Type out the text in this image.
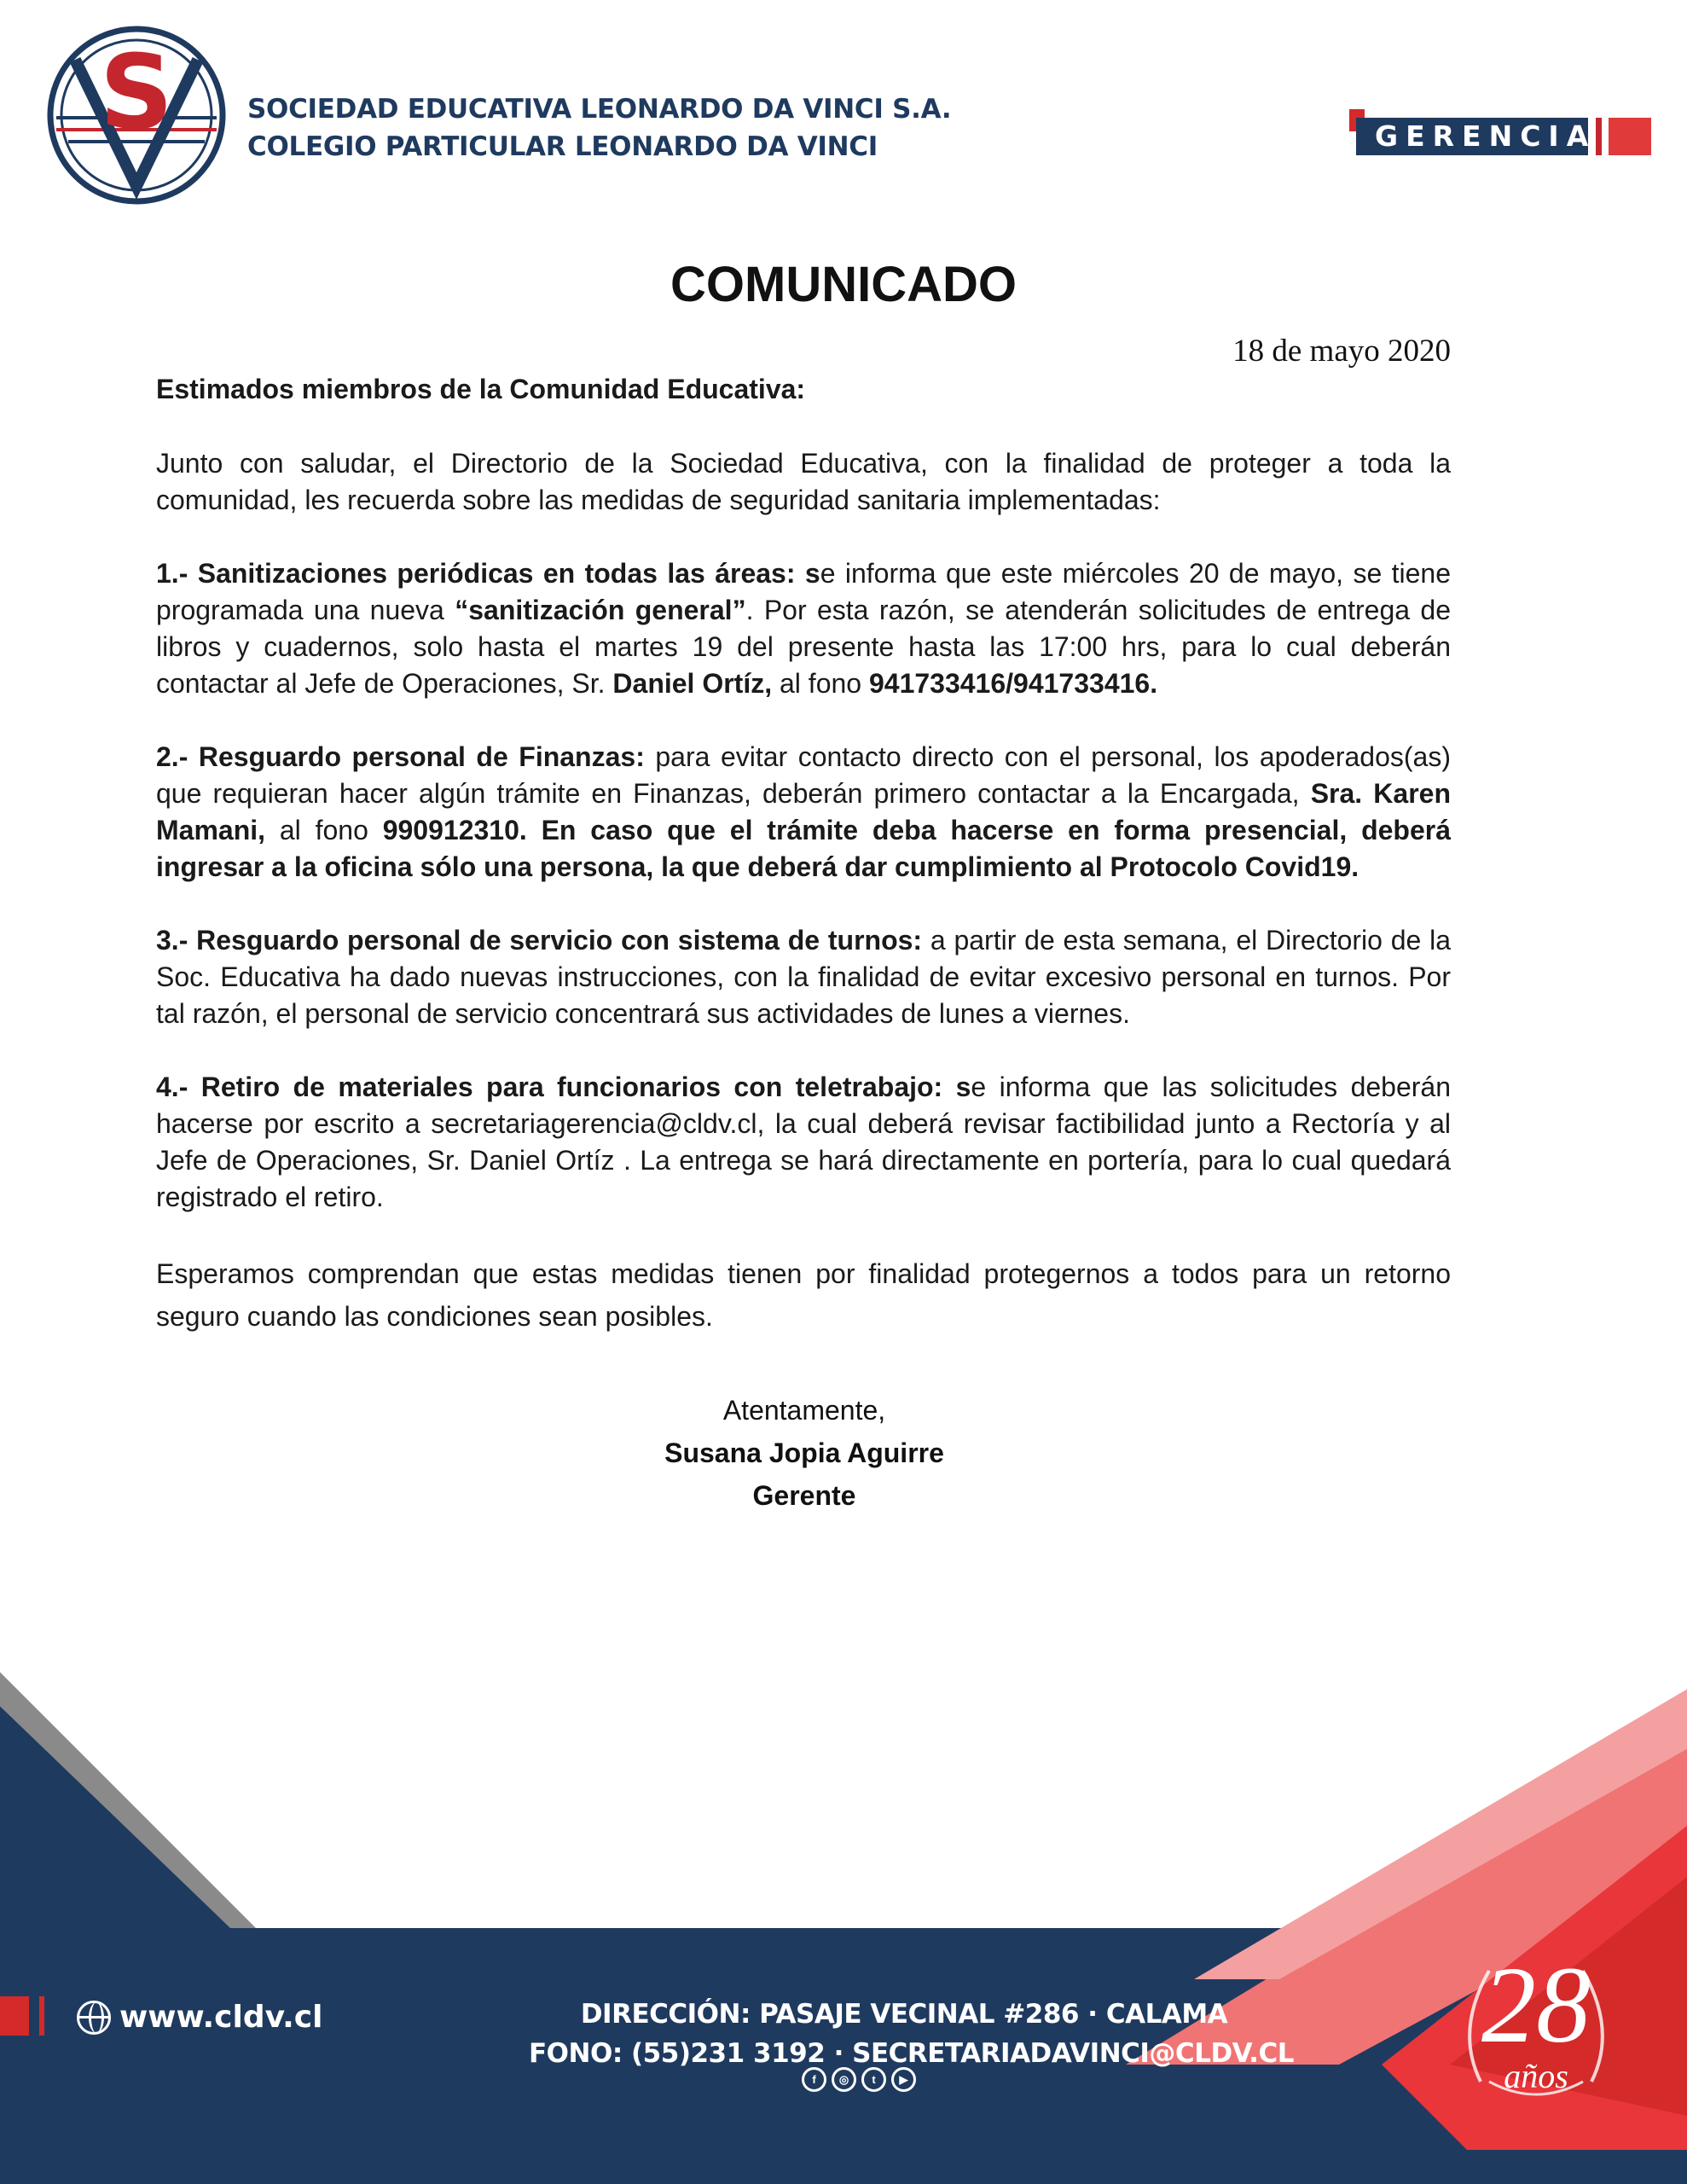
S	SOCIEDAD EDUCATIVA LEONARDO DA VINCI S.A.
COLEGIO PARTICULAR LEONARDO DA VINCI	GERENCIA
COMUNICADO
18 de mayo 2020

Estimados miembros de la Comunidad Educativa:

Junto con saludar, el Directorio de la Sociedad Educativa, con la finalidad de proteger a toda la comunidad, les recuerda sobre las medidas de seguridad sanitaria implementadas:

1.- Sanitizaciones periódicas en todas las áreas: se informa que este miércoles 20 de mayo, se tiene programada una nueva “sanitización general”. Por esta razón, se atenderán solicitudes de entrega de libros y cuadernos, solo hasta el martes 19 del presente hasta las 17:00 hrs, para lo cual deberán contactar al Jefe de Operaciones, Sr. Daniel Ortíz, al fono 941733416/941733416.

2.- Resguardo personal de Finanzas: para evitar contacto directo con el personal, los apoderados(as) que requieran hacer algún trámite en Finanzas, deberán primero contactar a la Encargada, Sra. Karen Mamani, al fono 990912310. En caso que el trámite deba hacerse en forma presencial, deberá ingresar a la oficina sólo una persona, la que deberá dar cumplimiento al Protocolo Covid19.

3.- Resguardo personal de servicio con sistema de turnos: a partir de esta semana, el Directorio de la Soc. Educativa ha dado nuevas instrucciones, con la finalidad de evitar excesivo personal en turnos. Por tal razón, el personal de servicio concentrará sus actividades de lunes a viernes.

4.- Retiro de materiales para funcionarios con teletrabajo: se informa que las solicitudes deberán hacerse por escrito a secretariagerencia@cldv.cl, la cual deberá revisar factibilidad junto a Rectoría y al Jefe de Operaciones, Sr. Daniel Ortíz . La entrega se hará directamente en portería, para lo cual quedará registrado el retiro.

Esperamos comprendan que estas medidas tienen por finalidad protegernos a todos para un retorno seguro cuando las condiciones sean posibles.

Atentamente,
Susana Jopia Aguirre
Gerente
www.cldv.cl	DIRECCIÓN: PASAJE VECINAL #286 · CALAMA
FONO: (55)231 3192 · SECRETARIADAVINCI@CLDV.CL
f	◎	t	▶
28
años
